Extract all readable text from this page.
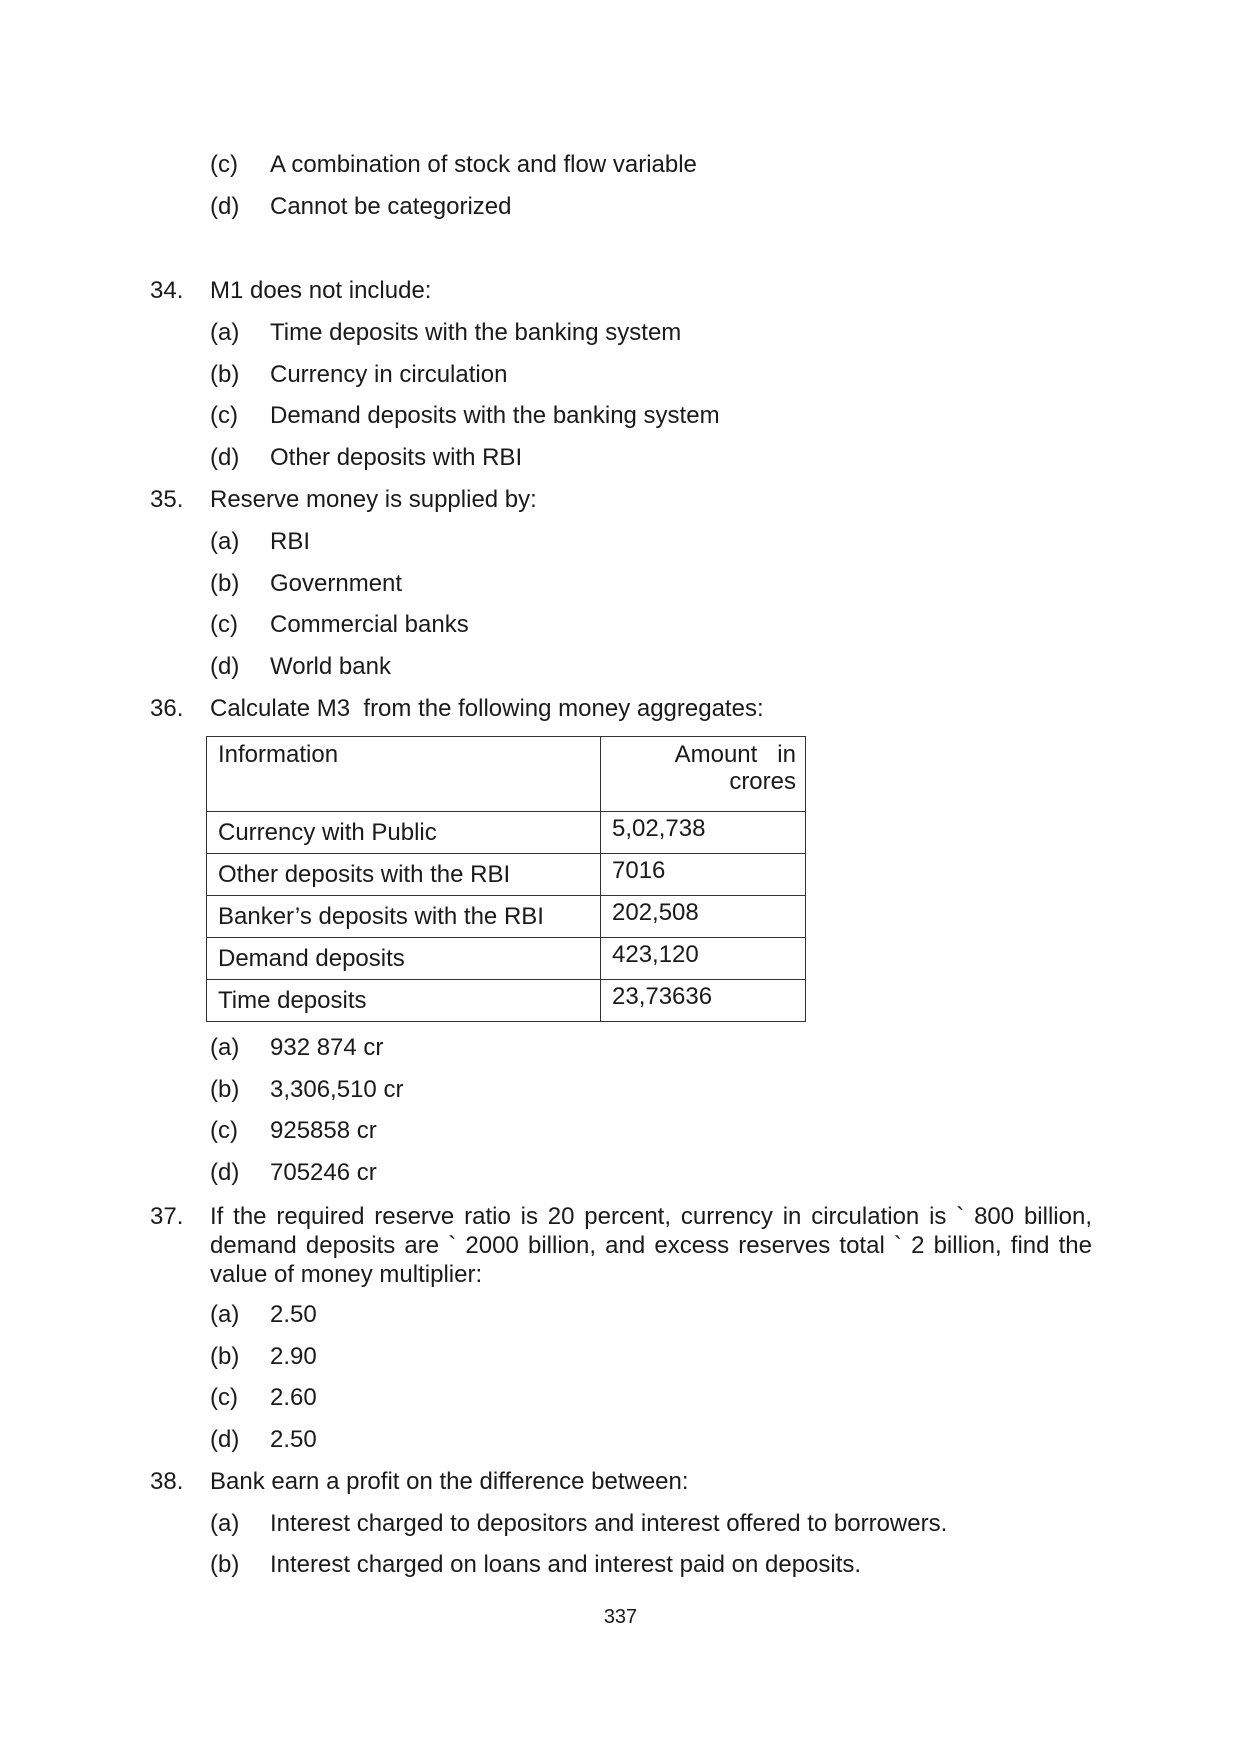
(c) A combination of stock and flow variable
(d) Cannot be categorized
34. M1 does not include:
(a) Time deposits with the banking system
(b) Currency in circulation
(c) Demand deposits with the banking system
(d) Other deposits with RBI
35. Reserve money is supplied by:
(a) RBI
(b) Government
(c) Commercial banks
(d) World bank
36. Calculate M3  from the following money aggregates:
Information	Amount   in
crores

Currency with Public	5,02,738
Other deposits with the RBI	7016
Banker’s deposits with the RBI	202,508
Demand deposits	423,120
Time deposits	23,73636
(a) 932 874 cr
(b) 3,306,510 cr
(c) 925858 cr
(d) 705246 cr
37. If the required reserve ratio is 20 percent, currency in circulation is ` 800 billion, demand deposits are ` 2000 billion, and excess reserves total ` 2 billion, find the value of money multiplier:
(a) 2.50
(b) 2.90
(c) 2.60
(d) 2.50
38. Bank earn a profit on the difference between:
(a) Interest charged to depositors and interest offered to borrowers.
(b) Interest charged on loans and interest paid on deposits.
337
